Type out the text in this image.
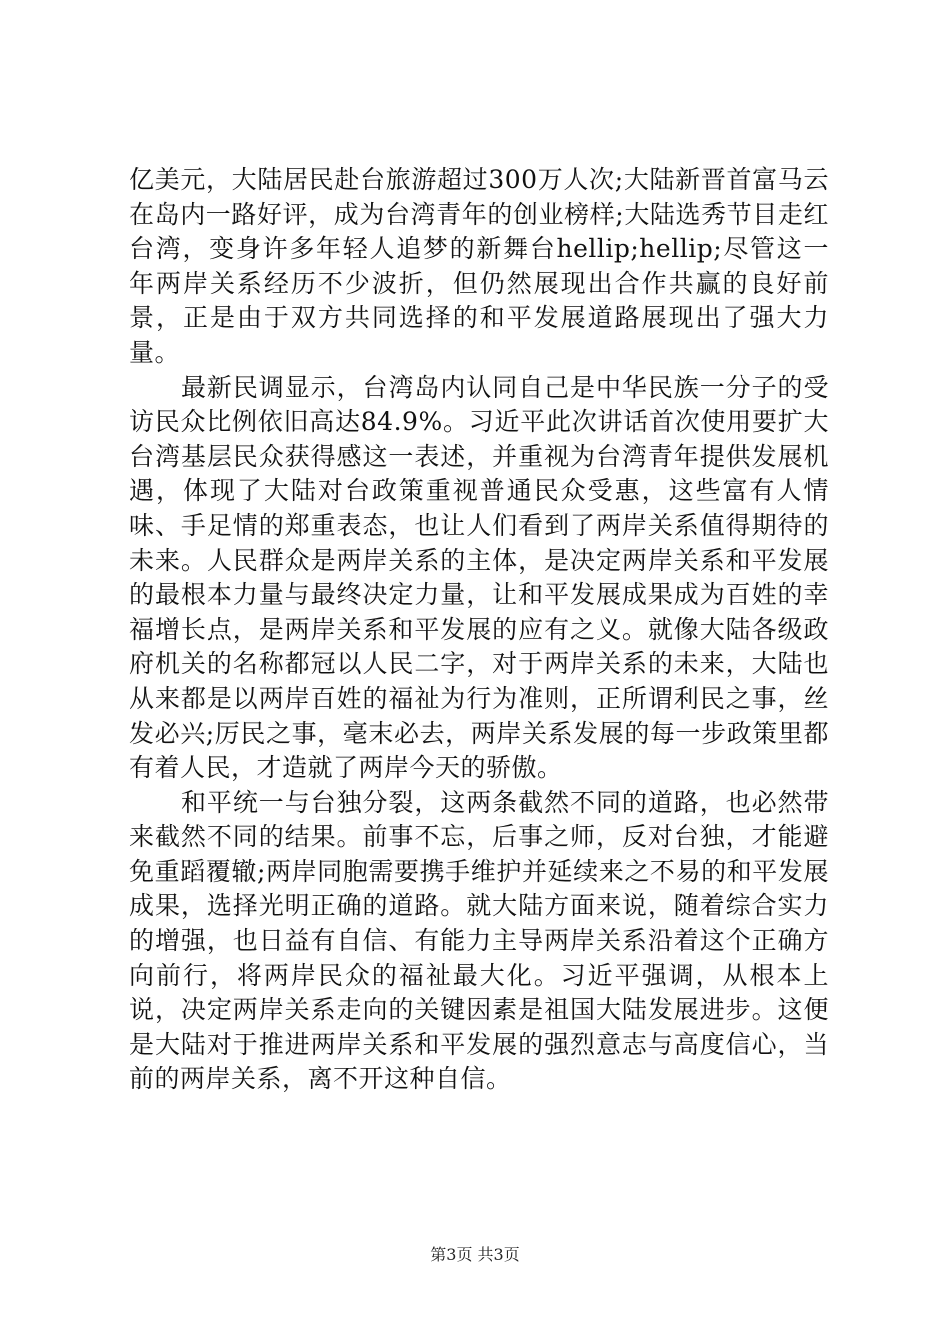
亿美元，大陆居民赴台旅游超过300万人次;大陆新晋首富马云在岛内一路好评，成为台湾青年的创业榜样;大陆选秀节目走红台湾，变身许多年轻人追梦的新舞台hellip;hellip;尽管这一年两岸关系经历不少波折，但仍然展现出合作共赢的良好前景，正是由于双方共同选择的和平发展道路展现出了强大力量。

最新民调显示，台湾岛内认同自己是中华民族一分子的受访民众比例依旧高达84.9%。习近平此次讲话首次使用要扩大台湾基层民众获得感这一表述，并重视为台湾青年提供发展机遇，体现了大陆对台政策重视普通民众受惠，这些富有人情味、手足情的郑重表态，也让人们看到了两岸关系值得期待的未来。人民群众是两岸关系的主体，是决定两岸关系和平发展的最根本力量与最终决定力量，让和平发展成果成为百姓的幸福增长点，是两岸关系和平发展的应有之义。就像大陆各级政府机关的名称都冠以人民二字，对于两岸关系的未来，大陆也从来都是以两岸百姓的福祉为行为准则，正所谓利民之事，丝发必兴;厉民之事，毫末必去，两岸关系发展的每一步政策里都有着人民，才造就了两岸今天的骄傲。

和平统一与台独分裂，这两条截然不同的道路，也必然带来截然不同的结果。前事不忘，后事之师，反对台独，才能避免重蹈覆辙;两岸同胞需要携手维护并延续来之不易的和平发展成果，选择光明正确的道路。就大陆方面来说，随着综合实力的增强，也日益有自信、有能力主导两岸关系沿着这个正确方向前行，将两岸民众的福祉最大化。习近平强调，从根本上说，决定两岸关系走向的关键因素是祖国大陆发展进步。这便是大陆对于推进两岸关系和平发展的强烈意志与高度信心，当前的两岸关系，离不开这种自信。

第3页 共3页
